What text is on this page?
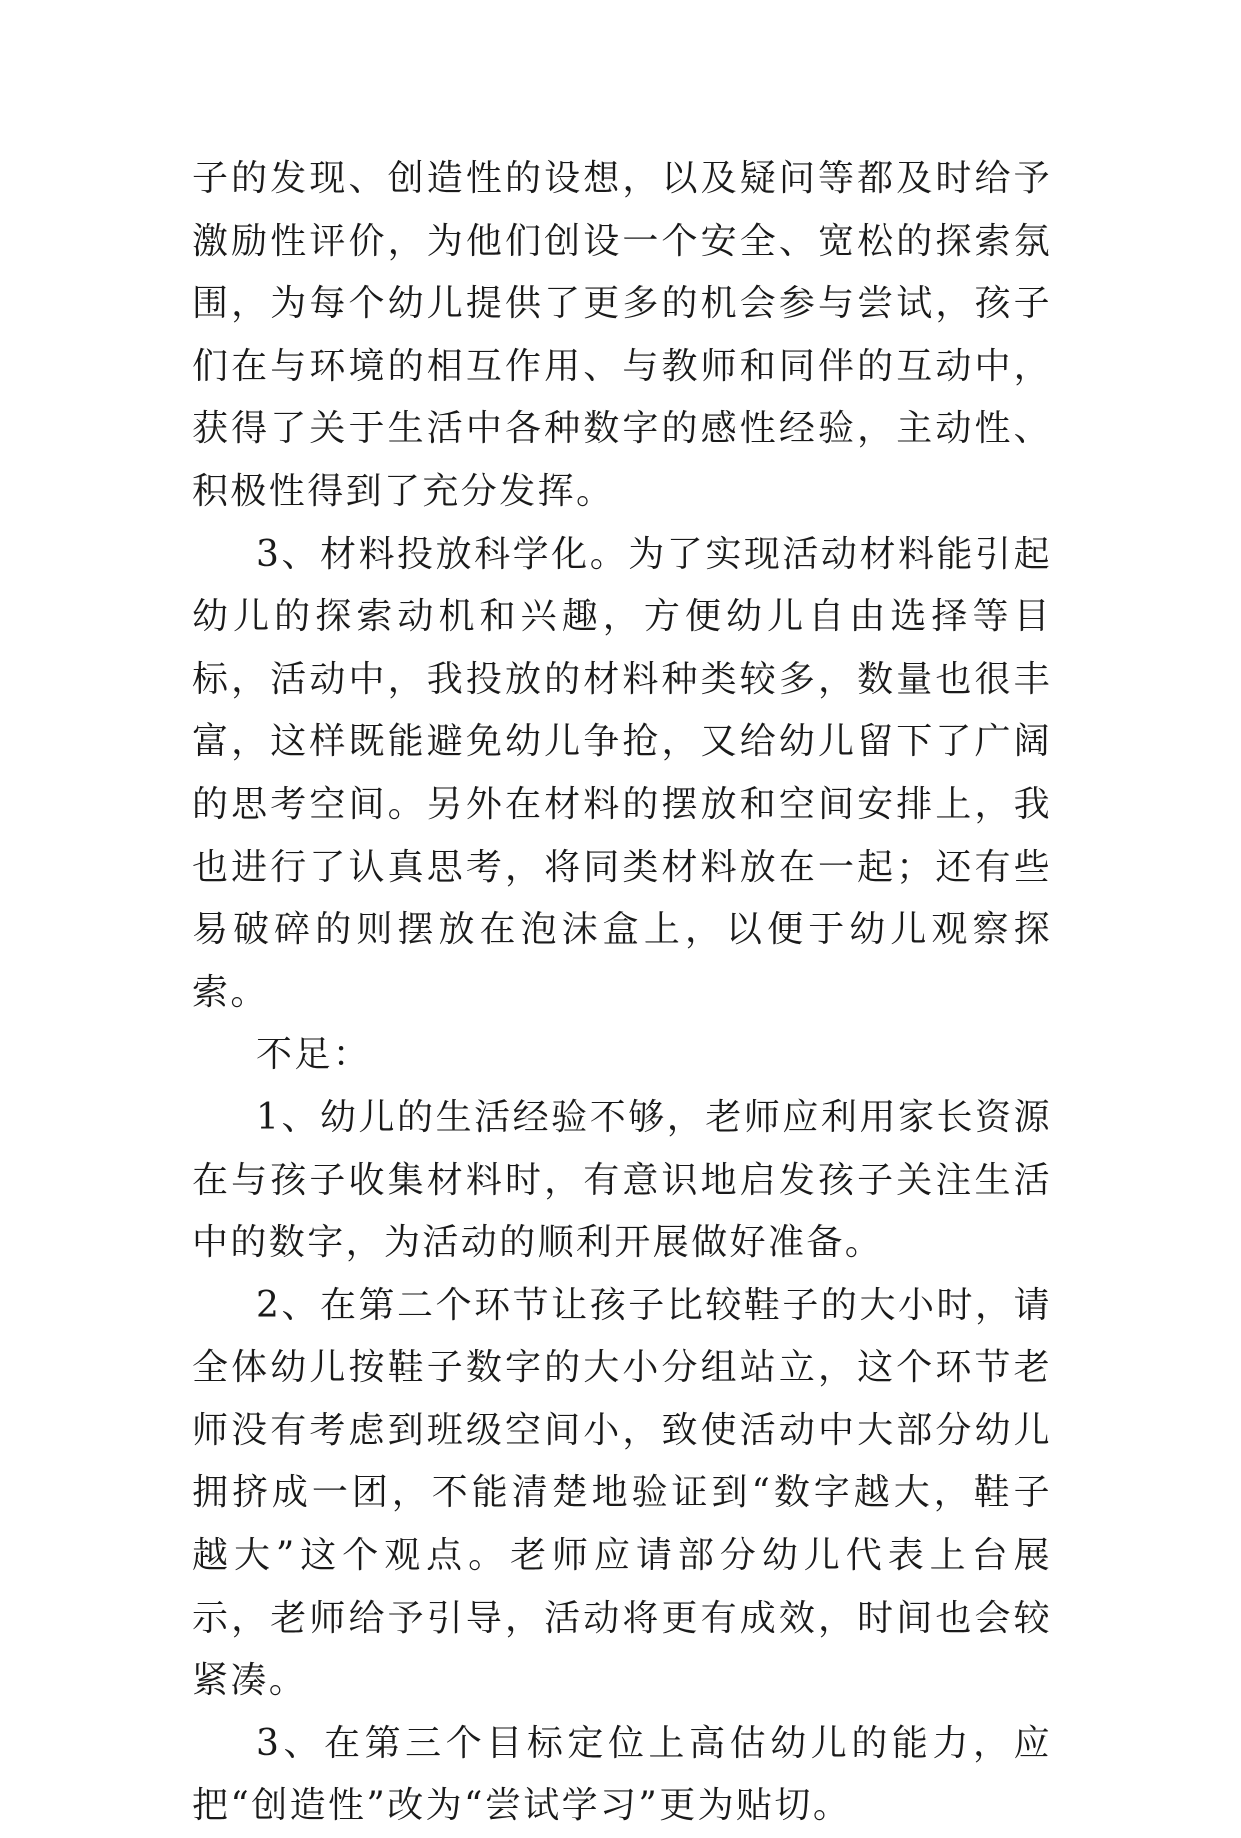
子的发现、创造性的设想，以及疑问等都及时给予激励性评价，为他们创设一个安全、宽松的探索氛围，为每个幼儿提供了更多的机会参与尝试，孩子们在与环境的相互作用、与教师和同伴的互动中，获得了关于生活中各种数字的感性经验，主动性、积极性得到了充分发挥。

3、材料投放科学化。为了实现活动材料能引起幼儿的探索动机和兴趣，方便幼儿自由选择等目标，活动中，我投放的材料种类较多，数量也很丰富，这样既能避免幼儿争抢，又给幼儿留下了广阔的思考空间。另外在材料的摆放和空间安排上，我也进行了认真思考，将同类材料放在一起；还有些易破碎的则摆放在泡沫盒上，以便于幼儿观察探索。

不足：

1、幼儿的生活经验不够，老师应利用家长资源在与孩子收集材料时，有意识地启发孩子关注生活中的数字，为活动的顺利开展做好准备。

2、在第二个环节让孩子比较鞋子的大小时，请全体幼儿按鞋子数字的大小分组站立，这个环节老师没有考虑到班级空间小，致使活动中大部分幼儿拥挤成一团，不能清楚地验证到“数字越大，鞋子越大”这个观点。老师应请部分幼儿代表上台展示，老师给予引导，活动将更有成效，时间也会较紧凑。

3、在第三个目标定位上高估幼儿的能力，应把“创造性”改为“尝试学习”更为贴切。
